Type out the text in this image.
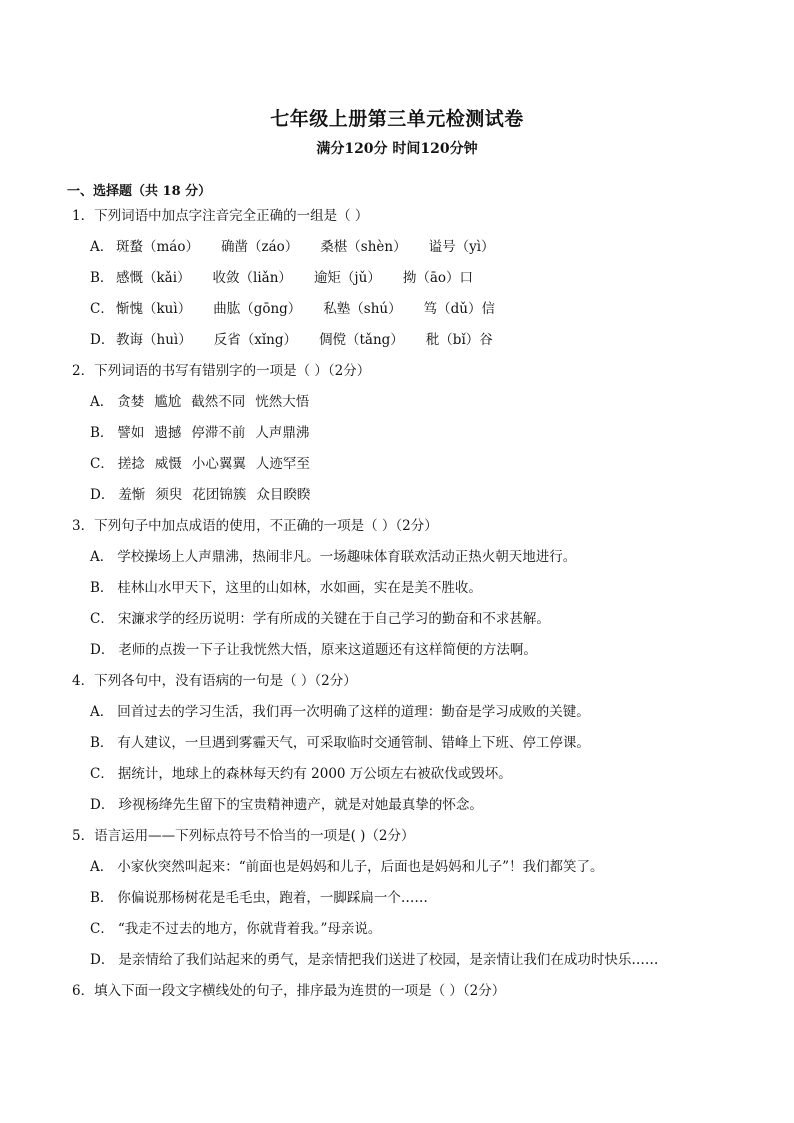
七年级上册第三单元检测试卷
满分120分 时间120分钟
一、选择题（共 18 分）
1．下列词语中加点字注音完全正确的一组是（ ）
A． 斑蝥（máo） 确凿（záo） 桑椹（shèn） 谥号（yì）
B． 感慨（kǎi） 收敛（liǎn） 逾矩（jǔ） 拗（āo）口
C． 惭愧（kuì） 曲肱（gōng） 私塾（shú） 笃（dǔ）信
D． 教诲（huì） 反省（xǐng） 倜傥（tǎng） 秕（bǐ）谷
2．下列词语的书写有错别字的一项是（ ）（2分）
A． 贪婪 尴尬 截然不同 恍然大悟
B． 譬如 遗撼 停滞不前 人声鼎沸
C． 搓捻 威慑 小心翼翼 人迹罕至
D． 羞惭 须臾 花团锦簇 众目睽睽
3．下列句子中加点成语的使用，不正确的一项是（ ）（2分）
A． 学校操场上人声鼎沸，热闹非凡。一场趣味体育联欢活动正热火朝天地进行。
B． 桂林山水甲天下，这里的山如林，水如画，实在是美不胜收。
C． 宋濂求学的经历说明：学有所成的关键在于自己学习的勤奋和不求甚解。
D． 老师的点拨一下子让我恍然大悟，原来这道题还有这样简便的方法啊。
4．下列各句中，没有语病的一句是（ ）（2分）
A． 回首过去的学习生活，我们再一次明确了这样的道理：勤奋是学习成败的关键。
B． 有人建议，一旦遇到雾霾天气，可采取临时交通管制、错峰上下班、停工停课。
C． 据统计，地球上的森林每天约有 2000 万公顷左右被砍伐或毁坏。
D． 珍视杨绛先生留下的宝贵精神遗产，就是对她最真挚的怀念。
5．语言运用——下列标点符号不恰当的一项是( )（2分）
A． 小家伙突然叫起来：“前面也是妈妈和儿子，后面也是妈妈和儿子”！我们都笑了。
B． 你偏说那杨树花是毛毛虫，跑着，一脚踩扁一个……
C． “我走不过去的地方，你就背着我。”母亲说。
D． 是亲情给了我们站起来的勇气，是亲情把我们送进了校园，是亲情让我们在成功时快乐……
6．填入下面一段文字横线处的句子，排序最为连贯的一项是（ ）（2分）
